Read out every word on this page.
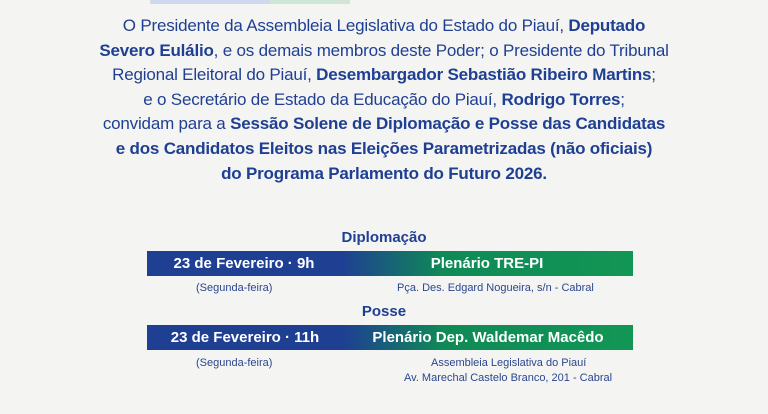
O Presidente da Assembleia Legislativa do Estado do Piauí, Deputado
Severo Eulálio, e os demais membros deste Poder; o Presidente do Tribunal
Regional Eleitoral do Piauí, Desembargador Sebastião Ribeiro Martins;
e o Secretário de Estado da Educação do Piauí, Rodrigo Torres;
convidam para a Sessão Solene de Diplomação e Posse das Candidatas
e dos Candidatos Eleitos nas Eleições Parametrizadas (não oficiais)
do Programa Parlamento do Futuro 2026.
Diplomação
23 de Fevereiro · 9h	Plenário TRE-PI
(Segunda-feira)	Pça. Des. Edgard Nogueira, s/n - Cabral
Posse
23 de Fevereiro · 11h	Plenário Dep. Waldemar Macêdo
(Segunda-feira)	Assembleia Legislativa do Piauí
Av. Marechal Castelo Branco, 201 - Cabral
